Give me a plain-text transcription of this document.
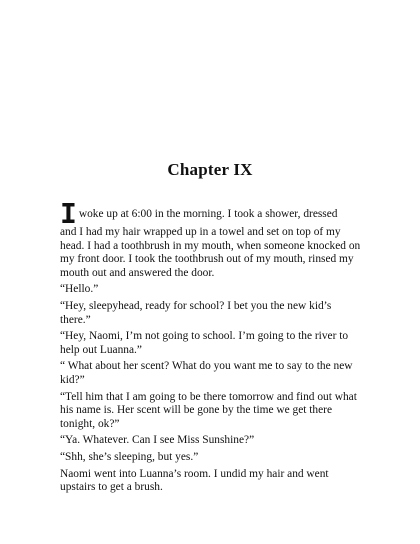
Chapter IX

I woke up at 6:00 in the morning. I took a shower, dressed
and I had my hair wrapped up in a towel and set on top of my head. I had a toothbrush in my mouth, when someone knocked on my front door. I took the toothbrush out of my mouth, rinsed my mouth out and answered the door.

“Hello.”

“Hey, sleepyhead, ready for school? I bet you the new kid’s there.”

“Hey, Naomi, I’m not going to school. I’m going to the river to help out Luanna.”

“ What about her scent? What do you want me to say to the new kid?”

“Tell him that I am going to be there tomorrow and find out what his name is. Her scent will be gone by the time we get there tonight, ok?”

“Ya. Whatever. Can I see Miss Sunshine?”

“Shh, she’s sleeping, but yes.”

Naomi went into Luanna’s room. I undid my hair and went upstairs to get a brush.
